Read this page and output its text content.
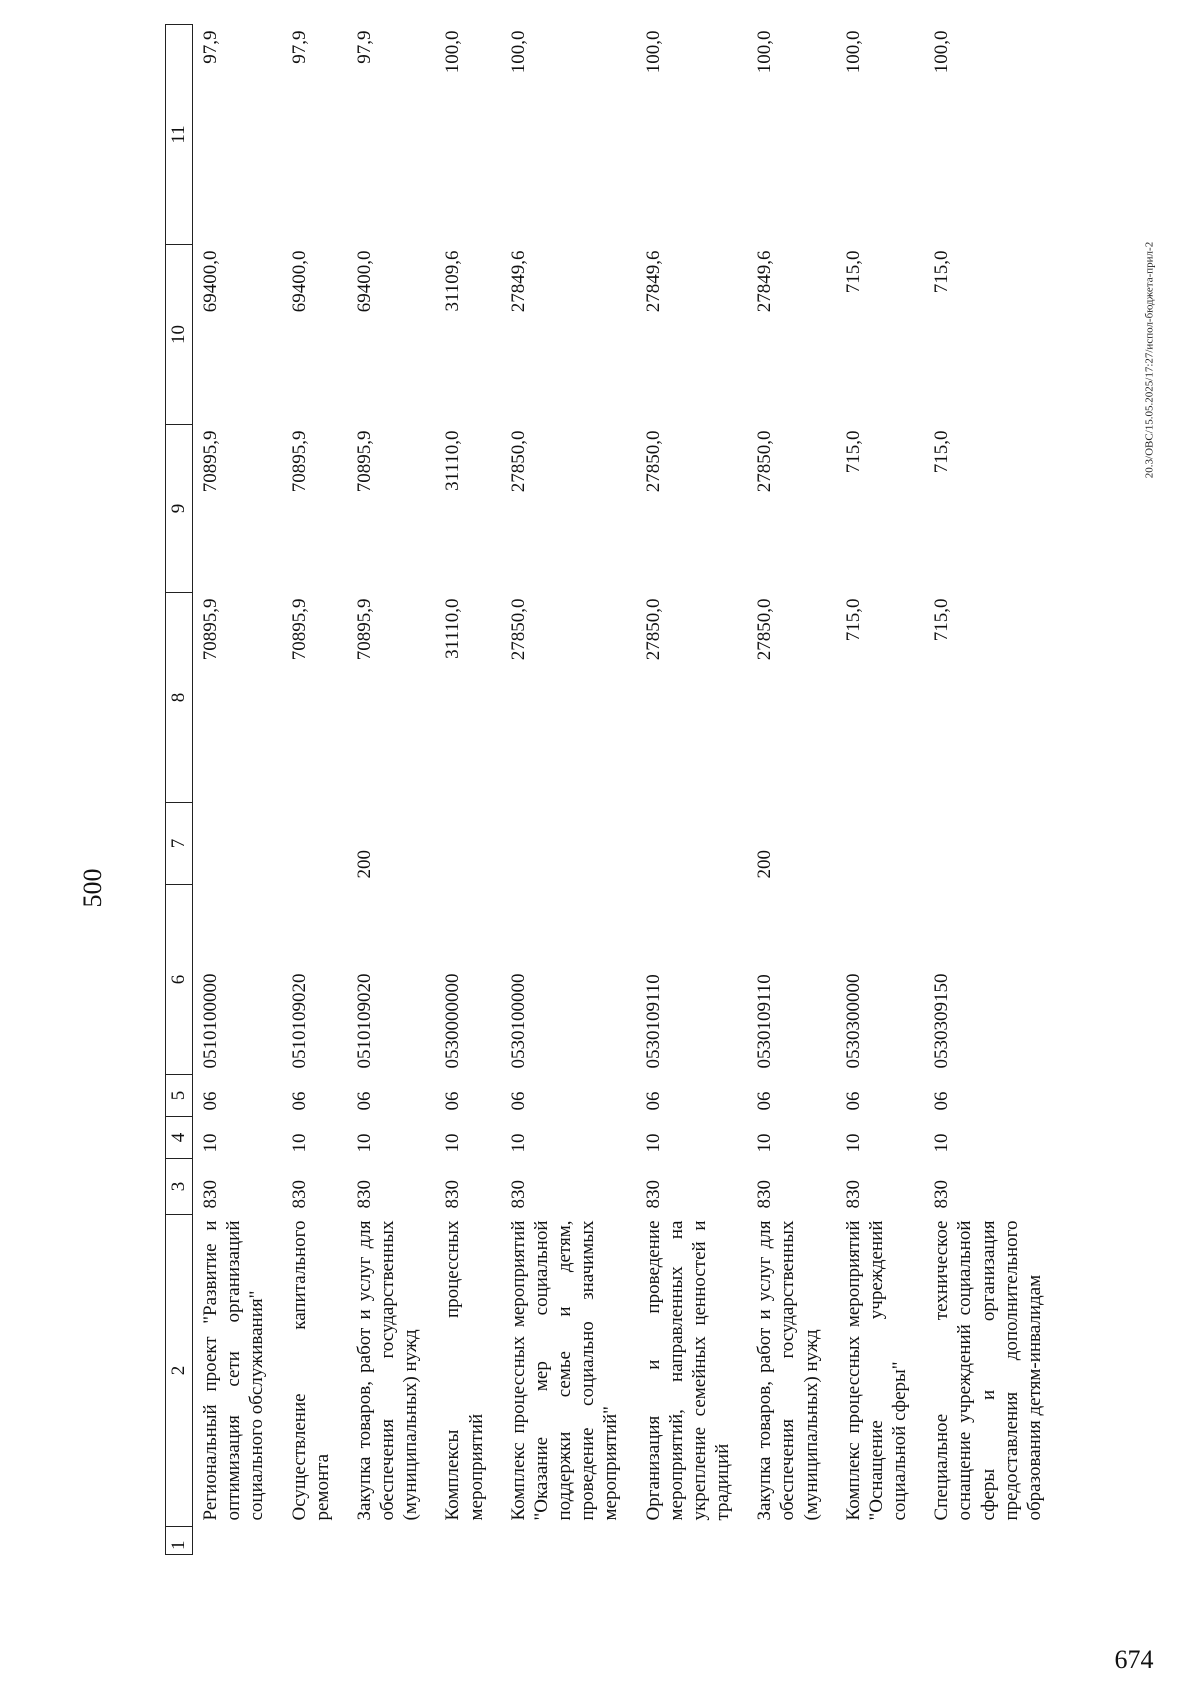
500
674
20.3/ОВС/15.05.2025/17:27/испол-бюджета-прил-2
1	2	3	4	5	6	7	8	9	10	11
	Региональный проект "Развитие и оптимизация сети организаций социального обслуживания"	830	10	06	0510100000		70895,9	70895,9	69400,0	97,9
	Осуществление капитального ремонта	830	10	06	0510109020		70895,9	70895,9	69400,0	97,9
	Закупка товаров, работ и услуг для обеспечения государственных (муниципальных) нужд	830	10	06	0510109020	200	70895,9	70895,9	69400,0	97,9
	Комплексы процессных мероприятий	830	10	06	0530000000		31110,0	31110,0	31109,6	100,0
	Комплекс процессных мероприятий "Оказание мер социальной поддержки семье и детям, проведение социально значимых мероприятий"	830	10	06	0530100000		27850,0	27850,0	27849,6	100,0
	Организация и проведение мероприятий, направленных на укрепление семейных ценностей и традиций	830	10	06	0530109110		27850,0	27850,0	27849,6	100,0
	Закупка товаров, работ и услуг для обеспечения государственных (муниципальных) нужд	830	10	06	0530109110	200	27850,0	27850,0	27849,6	100,0
	Комплекс процессных мероприятий "Оснащение учреждений социальной сферы"	830	10	06	0530300000		715,0	715,0	715,0	100,0
	Специальное техническое оснащение учреждений социальной сферы и организация предоставления дополнительного образования детям-инвалидам	830	10	06	0530309150		715,0	715,0	715,0	100,0
